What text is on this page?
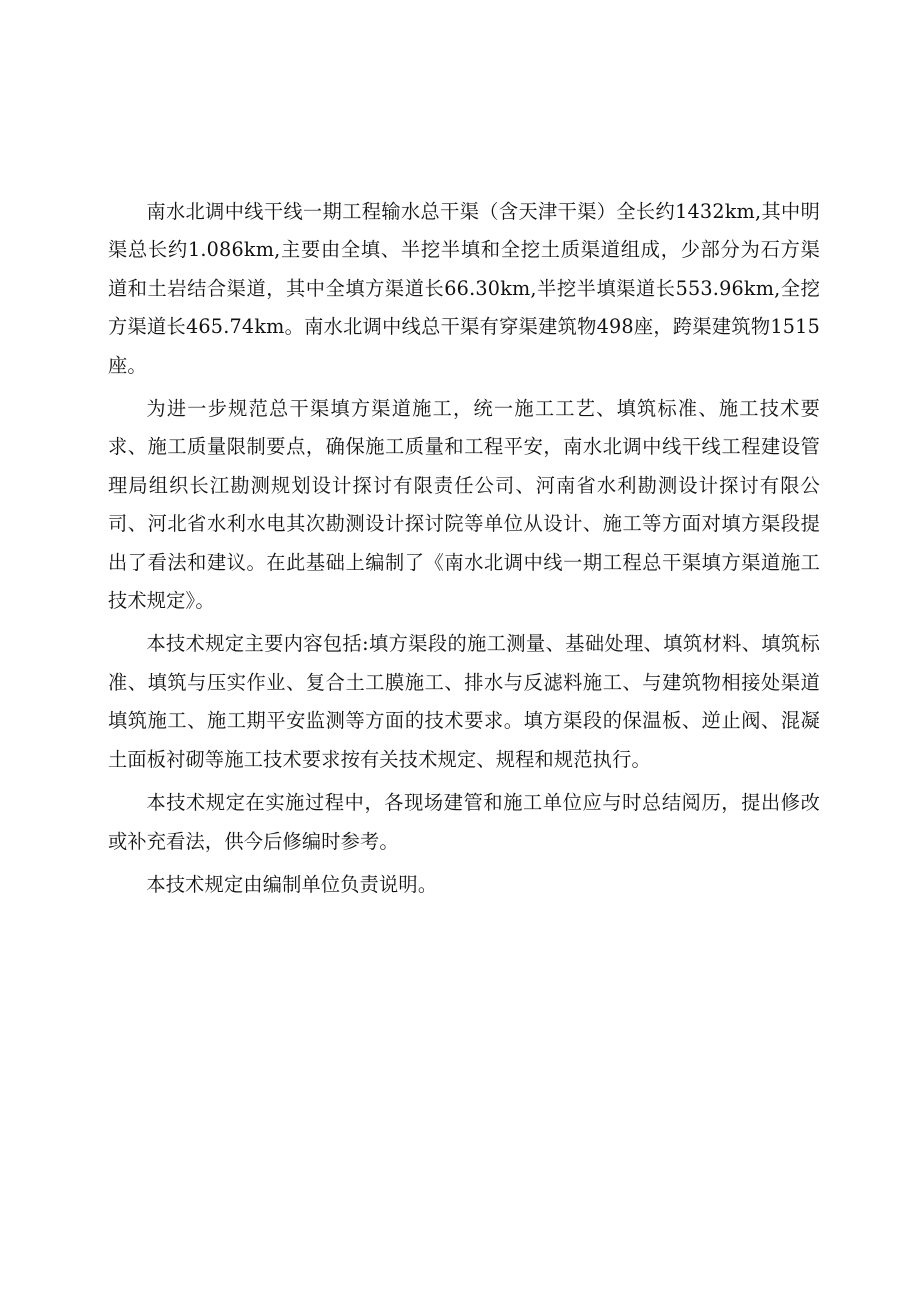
南水北调中线干线一期工程输水总干渠（含天津干渠）全长约1432km,其中明渠总长约1.086km,主要由全填、半挖半填和全挖土质渠道组成，少部分为石方渠道和土岩结合渠道，其中全填方渠道长66.30km,半挖半填渠道长553.96km,全挖方渠道长465.74km。南水北调中线总干渠有穿渠建筑物498座，跨渠建筑物1515座。

为进一步规范总干渠填方渠道施工，统一施工工艺、填筑标准、施工技术要求、施工质量限制要点，确保施工质量和工程平安，南水北调中线干线工程建设管理局组织长江勘测规划设计探讨有限责任公司、河南省水利勘测设计探讨有限公司、河北省水利水电其次勘测设计探讨院等单位从设计、施工等方面对填方渠段提出了看法和建议。在此基础上编制了《南水北调中线一期工程总干渠填方渠道施工技术规定》。

本技术规定主要内容包括:填方渠段的施工测量、基础处理、填筑材料、填筑标准、填筑与压实作业、复合土工膜施工、排水与反滤料施工、与建筑物相接处渠道填筑施工、施工期平安监测等方面的技术要求。填方渠段的保温板、逆止阀、混凝土面板衬砌等施工技术要求按有关技术规定、规程和规范执行。

本技术规定在实施过程中，各现场建管和施工单位应与时总结阅历，提出修改或补充看法，供今后修编时参考。

本技术规定由编制单位负责说明。
